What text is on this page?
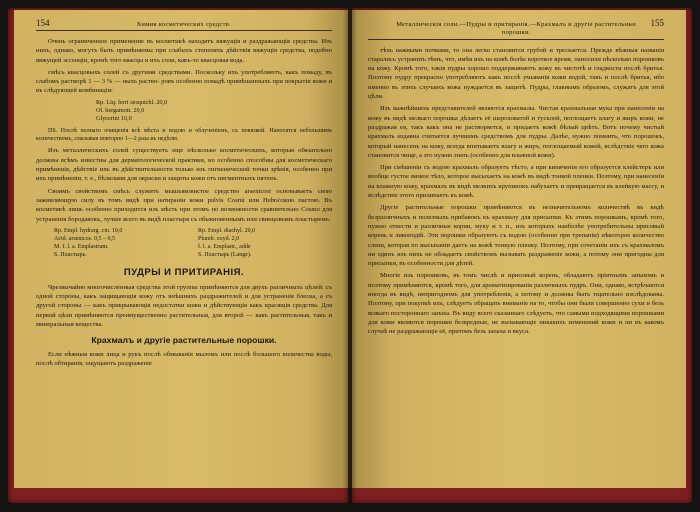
154	Химия косметических средств.

Очень ограниченное применение въ косметикѣ находятъ вяжущія и раздражающія средства. Изъ нихъ, однако, могутъ быть примѣняемы при слабыхъ степеняхъ дѣйствія вяжущія средства, подобно вяжущей эссенціи, кромѣ того квасцы и ихъ соли, какъ-то квасцовая вода.

смѣсь квасцовыхъ солей съ другими средствами. Поскольку ихъ употребляютъ, какъ помаду, въ слабомъ растворѣ 1 — 3 % — ныхъ раство- ровъ особенно помадѣ примѣшанныхъ при покрытіи кожи и въ слѣдующей комбинаціи:

Rp. Liq. ferri sesquichl. 20,0
Ol. bergamott. 20,0
Glycerini 10,0

DS. Послѣ полнаго очищенія всѣ мѣста и водою и облученіемъ, съ повязкой. Наносятся небольшимъ количествомъ, смазывая повторно 1—2 раза въ недѣлю.

Изъ металлическихъ солей существуетъ еще нѣсколько косметическихъ, которыя обязательно должны всѣмъ известны для дерматологической практики, но особенно способны для косметическаго примѣненія, дѣйствіе ихъ въ дѣйствительности только изъ гигиенической точки зрѣнія, особенно при ихъ примѣненіи, т. е., бѣлилами для окраски и защиты кожи отъ пигментныхъ пятенъ.

Своимъ свойствомъ смѣсь служитъ мышьяковистое средство arsenicosi основываетъ свою заживляющую силу въ томъ видѣ при натираніи кожи pulvis Cosmi или Hebra'скою пастою. Въ косметикѣ лишь особенно приходится изъ мѣсть при этомъ по возможности сравнительно Cosmo для устраненія бородавокъ, лучше всего въ видѣ пластыря съ обыкновеннымъ или свинцовымъ пластыремъ:

Rp. Empl. hydrarg. cin. 10,0	Rp. Empl. diachyl. 20,0
Acid. arsenicos. 0,5 – 0,5	Plumb. oxyd. 2,0
M. f. l. a. Emplastrum.	f. l. a. Emplastr., addе
S. Пластырь.	S. Пластырь (Lange).
ПУДРЫ И ПРИТИРАНІЯ.

Чрезвычайно многочисленныя средства этой группы примѣняются для двухъ различныхъ цѣлей: съ одной стороны, какъ защищающія кожу отъ внѣшнихъ раздражителей и для устраненія блеска, а съ другой стороны — какъ прикрывающія недостатки кожи и дѣйствующія какъ красящія средства. Для первой цѣли примѣняются преимущественно растительныя, для второй — какъ растительныя, такъ и минеральныя вещества.

Крахмалъ и другіе растительные порошки.

Если нѣжныя кожи лица и рукъ послѣ обмыванія мыломъ или послѣ большого количества воды, послѣ обтиранія, ощущаютъ раздраженіе

Металлическія соли.—Пудры и притиранія.—Крахмалъ и другіе растительные порошки.
155

тѣхъ важными почвами, то она легко становится грубой и трескается. Прежде вѣжныя названія старались устранить тѣмъ, что, имѣя ихъ на кожѣ болѣе короткое время, наносили нѣсколько порошковъ на кожу. Кромѣ того, такія пудры хорошо поддерживаютъ кожу въ чистотѣ и гладкости послѣ бритья. Поэтому пудру прекрасно употребляютъ какъ послѣ умыванія кожи водой, такъ и послѣ бритья, ибо именно въ этихъ случаяхъ кожа нуждается въ защитѣ. Пудры, главнымъ образомъ, служатъ для этой цѣли.

Изъ важнѣйшихъ представителей являются крахмалы. Чистая крахмальная мука при нанесеніи на кожу въ видѣ мелкаго порошка дѣлаетъ её шероховатой и тусклой, поглощаетъ влагу и жиръ кожи, не раздражая ея, такъ какъ она не растворяется, и придаетъ кожѣ бѣлый цвѣтъ. Вотъ почему чистый крахмалъ издавна считается лучшимъ средствомъ для пудры. Далѣе, нужно помнить, что порошокъ, который нанесенъ на кожу, всегда впитываетъ влагу и жиръ, поглощаемый кожей, вслѣдствіе чего кожа становится чище, а это нужно знать (особенно для влажной кожи).

При смѣшеніи съ водою крахмалъ образуетъ тѣсто, а при кипяченіи его образуется клейстеръ или вообще густое вязкое тѣло, которое высыхаетъ на кожѣ въ видѣ тонкой пленки. Поэтому, при нанесеніи на влажную кожу, крахмалъ въ видѣ мелкихъ крупинокъ набухаетъ и превращается въ клейкую массу, и вслѣдствіе этого прилипаетъ къ кожѣ.

Другіе растительные порошки примѣняются въ незначительномъ количествѣ въ видѣ безразличныхъ и полезныхъ прибавокъ къ крахмалу для присыпки. Къ этимъ порошкамъ, кромѣ того, нужно отнести и различные корни, муку и т. п., изъ которыхъ наиболѣе употребительны ирисовый корень и ликоподій. Эти порошки образуютъ съ водою (особенно при трепаніи) нѣкоторое количество слизи, которая по высыханіи даетъ на кожѣ тонкую пленку. Поэтому, при сочетаніи ихъ съ крахмаломъ ни одинъ изъ нихъ не обладаетъ свойствомъ вызывать раздраженіе кожи, а потому они пригодны для присыпки, въ особенности для дѣтей.

Многіе изъ порошковъ, въ томъ числѣ и ирисовый корень, обладаютъ пріятнымъ запахомъ и поэтому примѣняются, кромѣ того, для ароматизированія различныхъ пудръ. Они, однако, встрѣчаются иногда въ видѣ, непригодномъ для употребленія, а потому и должны быть тщательно изслѣдованы. Поэтому, при покупкѣ ихъ, слѣдуетъ обращать вниманіе на то, чтобы они были совершенно сухи и безъ всякаго постороннаго запаха. Въ виду всего сказаннаго слѣдуетъ, что самыми подходящими порошками для кожи являются порошки безвредные, не вызывающіе никакихъ изменений кожи и ни въ какомъ случаѣ не раздражающіе её, притомъ безъ запаха и вкуса.
